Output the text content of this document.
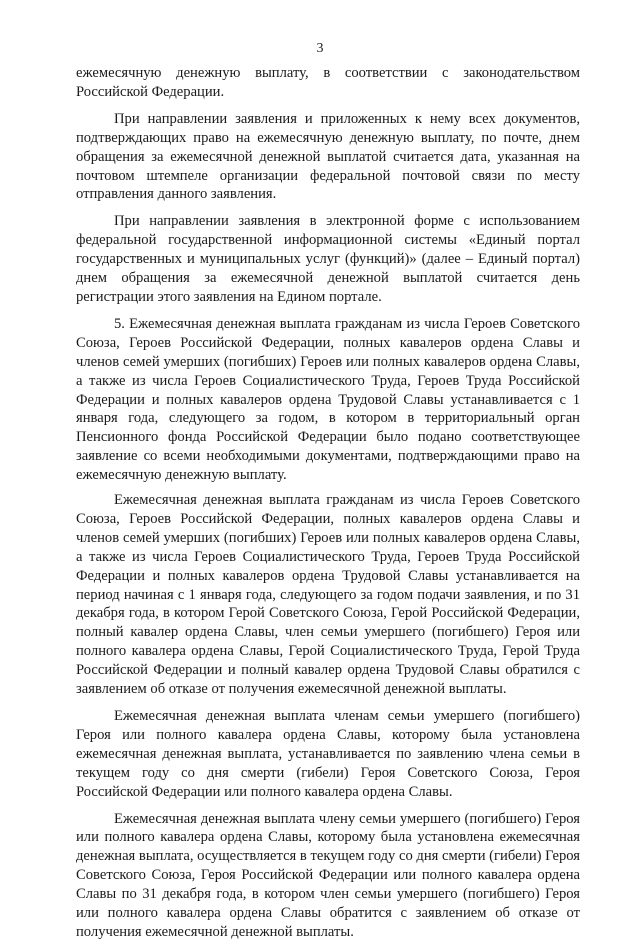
3

ежемесячную денежную выплату, в соответствии с законодательством Российской Федерации.

При направлении заявления и приложенных к нему всех документов, подтверждающих право на ежемесячную денежную выплату, по почте, днем обращения за ежемесячной денежной выплатой считается дата, указанная на почтовом штемпеле организации федеральной почтовой связи по месту отправления данного заявления.

При направлении заявления в электронной форме с использованием федеральной государственной информационной системы «Единый портал государственных и муниципальных услуг (функций)» (далее – Единый портал) днем обращения за ежемесячной денежной выплатой считается день регистрации этого заявления на Едином портале.

5. Ежемесячная денежная выплата гражданам из числа Героев Советского Союза, Героев Российской Федерации, полных кавалеров ордена Славы и членов семей умерших (погибших) Героев или полных кавалеров ордена Славы, а также из числа Героев Социалистического Труда, Героев Труда Российской Федерации и полных кавалеров ордена Трудовой Славы устанавливается с 1 января года, следующего за годом, в котором в территориальный орган Пенсионного фонда Российской Федерации было подано соответствующее заявление со всеми необходимыми документами, подтверждающими право на ежемесячную денежную выплату.

Ежемесячная денежная выплата гражданам из числа Героев Советского Союза, Героев Российской Федерации, полных кавалеров ордена Славы и членов семей умерших (погибших) Героев или полных кавалеров ордена Славы, а также из числа Героев Социалистического Труда, Героев Труда Российской Федерации и полных кавалеров ордена Трудовой Славы устанавливается на период начиная с 1 января года, следующего за годом подачи заявления, и по 31 декабря года, в котором Герой Советского Союза, Герой Российской Федерации, полный кавалер ордена Славы, член семьи умершего (погибшего) Героя или полного кавалера ордена Славы, Герой Социалистического Труда, Герой Труда Российской Федерации и полный кавалер ордена Трудовой Славы обратился с заявлением об отказе от получения ежемесячной денежной выплаты.

Ежемесячная денежная выплата членам семьи умершего (погибшего) Героя или полного кавалера ордена Славы, которому была установлена ежемесячная денежная выплата, устанавливается по заявлению члена семьи в текущем году со дня смерти (гибели) Героя Советского Союза, Героя Российской Федерации или полного кавалера ордена Славы.

Ежемесячная денежная выплата члену семьи умершего (погибшего) Героя или полного кавалера ордена Славы, которому была установлена ежемесячная денежная выплата, осуществляется в текущем году со дня смерти (гибели) Героя Советского Союза, Героя Российской Федерации или полного кавалера ордена Славы по 31 декабря года, в котором член семьи умершего (погибшего) Героя или полного кавалера ордена Славы обратится с заявлением об отказе от получения ежемесячной денежной выплаты.
